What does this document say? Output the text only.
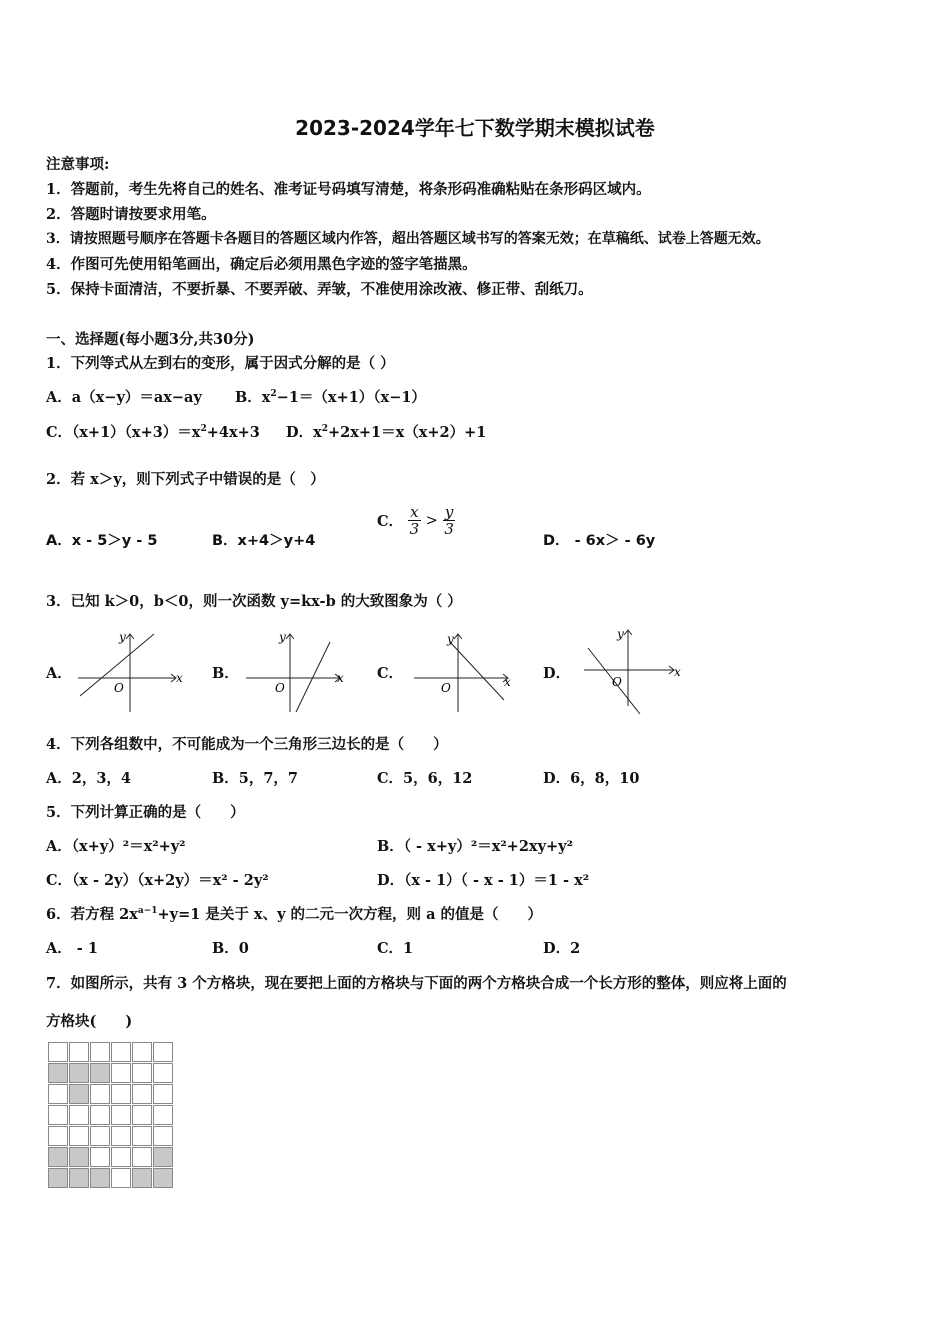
2023-2024学年七下数学期末模拟试卷
注意事项:
1．答题前，考生先将自己的姓名、准考证号码填写清楚，将条形码准确粘贴在条形码区域内。
2．答题时请按要求用笔。
3．请按照题号顺序在答题卡各题目的答题区域内作答，超出答题区域书写的答案无效；在草稿纸、试卷上答题无效。
4．作图可先使用铅笔画出，确定后必须用黑色字迹的签字笔描黑。
5．保持卡面清洁，不要折暴、不要弄破、弄皱，不准使用涂改液、修正带、刮纸刀。
一、选择题(每小题3分,共30分)
1．下列等式从左到右的变形，属于因式分解的是（ ）
A．a（x−y）＝ax−ay B．$x^2-1=(x+1)(x-1)$
C．$(x+1)(x+3)=x^2+4x+3$ D．$x^2+2x+1=x(x+2)+1$
2．若 x＞y，则下列式子中错误的是（　）
A．x - 5＞y - 5	B．x+4＞y+4
C． $\frac{x}{3} > \frac{y}{3}$
D． - 6x＞ - 6y
3．已知 k＞0，b＜0，则一次函数 y=kx-b 的大致图象为（ ）
A．	x
y
O
B．	x
y
O
C．	x
y
O
D．	x
y
O
4．下列各组数中，不可能成为一个三角形三边长的是（　　）
A．2，3，4	B．5，7，7	C．5，6，12	D．6，8，10
5．下列计算正确的是（　　）
A．（x+y）²＝x²+y²	B．（ - x+y）²＝x²+2xy+y²
C．（x - 2y）（x+2y）＝x² - 2y²	D．（x - 1）（ - x - 1）＝1 - x²
6．若方程 $2x^{a-1}+y=1$ 是关于 x、y 的二元一次方程，则 a 的值是（　　）
A． - 1	B．0	C．1	D．2
7．如图所示，共有 3 个方格块，现在要把上面的方格块与下面的两个方格块合成一个长方形的整体，则应将上面的
方格块(　　)
